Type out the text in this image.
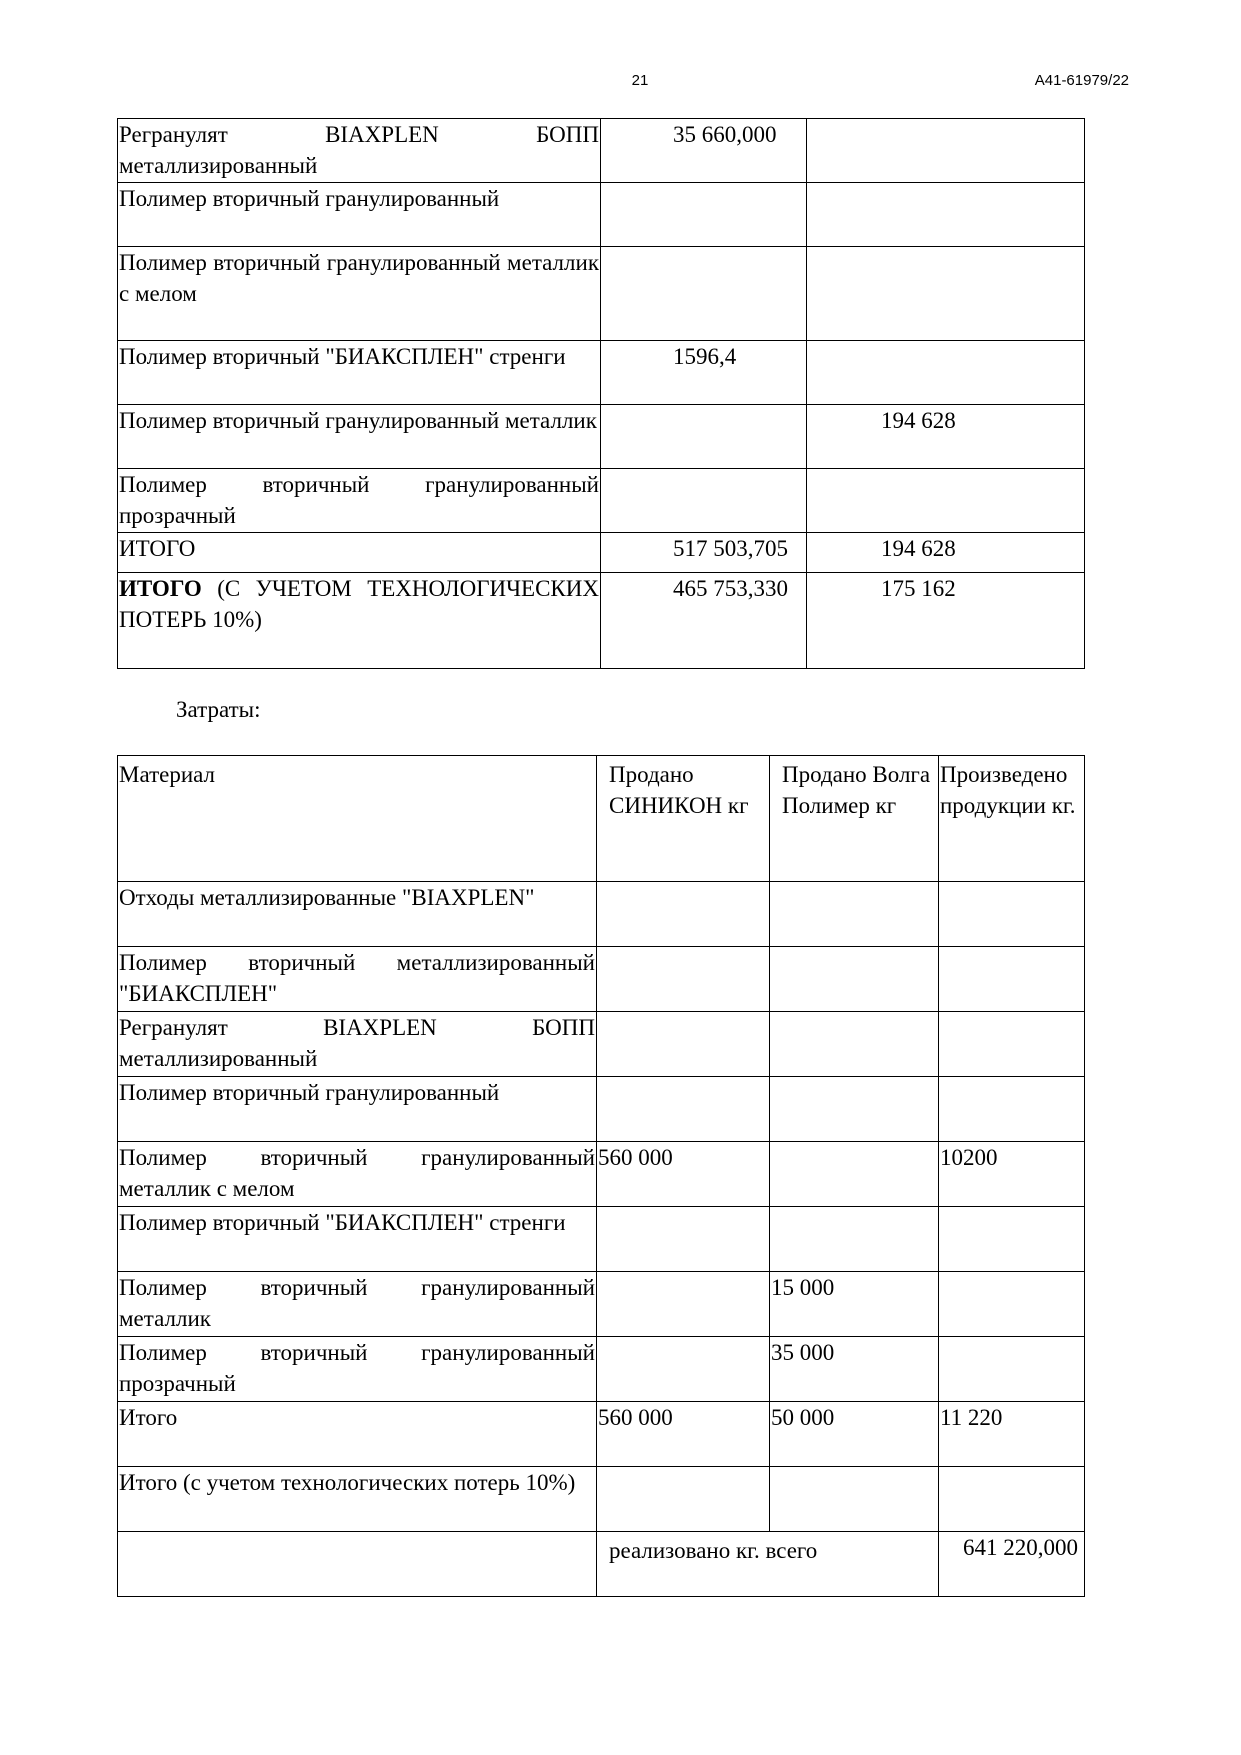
21	А41-61979/22
Регранулят BIAXPLEN БОПП металлизированный	35 660,000	
Полимер вторичный гранулированный		
Полимер вторичный гранулированный металлик с мелом		
Полимер вторичный "БИАКСПЛЕН" стренги	1596,4	
Полимер вторичный гранулированный металлик		194 628
Полимер вторичный гранулированный прозрачный		
ИТОГО	517 503,705	194 628
ИТОГО (С УЧЕТОМ ТЕХНОЛОГИЧЕСКИХ ПОТЕРЬ 10%)	465 753,330	175 162
Затраты:
Материал	Продано СИНИКОН кг	Продано Волга Полимер кг	Произведено продукции кг.
Отходы металлизированные "BIAXPLEN"			
Полимер вторичный металлизированный "БИАКСПЛЕН"			
Регранулят BIAXPLEN БОПП металлизированный			
Полимер вторичный гранулированный			
Полимер вторичный гранулированный металлик с мелом	560 000		10200
Полимер вторичный "БИАКСПЛЕН" стренги			
Полимер вторичный гранулированный металлик		15 000	
Полимер вторичный гранулированный прозрачный		35 000	
Итого	560 000	50 000	11 220
Итого (с учетом технологических потерь 10%)			
	реализовано кг. всего		641 220,000
